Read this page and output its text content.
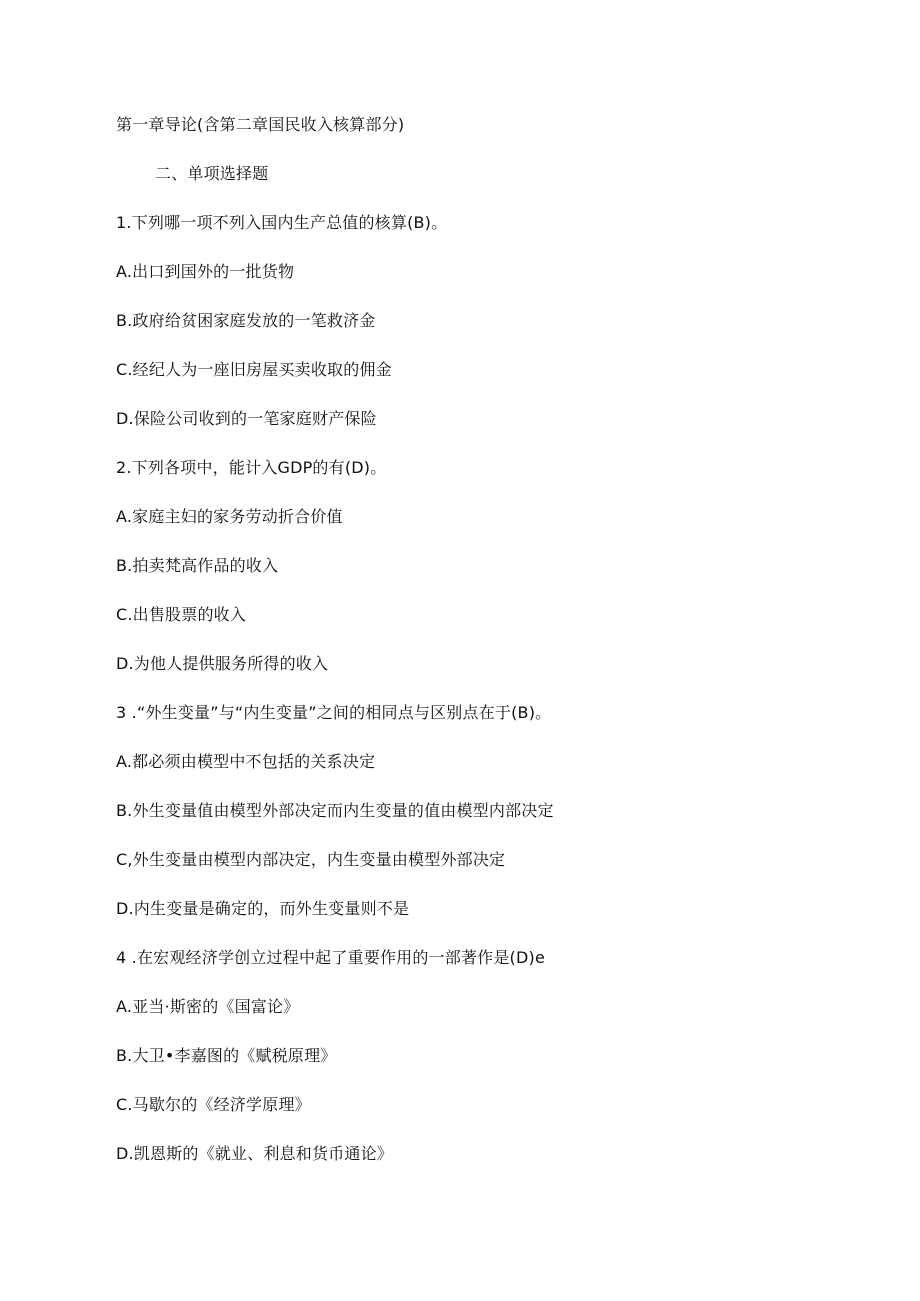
第一章导论(含第二章国民收入核算部分)
二、单项选择题
1.下列哪一项不列入国内生产总值的核算(B)。
A.出口到国外的一批货物
B.政府给贫困家庭发放的一笔救济金
C.经纪人为一座旧房屋买卖收取的佣金
D.保险公司收到的一笔家庭财产保险
2.下列各项中，能计入GDP的有(D)。
A.家庭主妇的家务劳动折合价值
B.拍卖梵高作品的收入
C.出售股票的收入
D.为他人提供服务所得的收入
3 .“外生变量”与“内生变量”之间的相同点与区别点在于(B)。
A.都必须由模型中不包括的关系决定
B.外生变量值由模型外部决定而内生变量的值由模型内部决定
C,外生变量由模型内部决定，内生变量由模型外部决定
D.内生变量是确定的，而外生变量则不是
4 .在宏观经济学创立过程中起了重要作用的一部著作是(D)e
A.亚当·斯密的《国富论》
B.大卫•李嘉图的《赋税原理》
C.马歇尔的《经济学原理》
D.凯恩斯的《就业、利息和货币通论》
